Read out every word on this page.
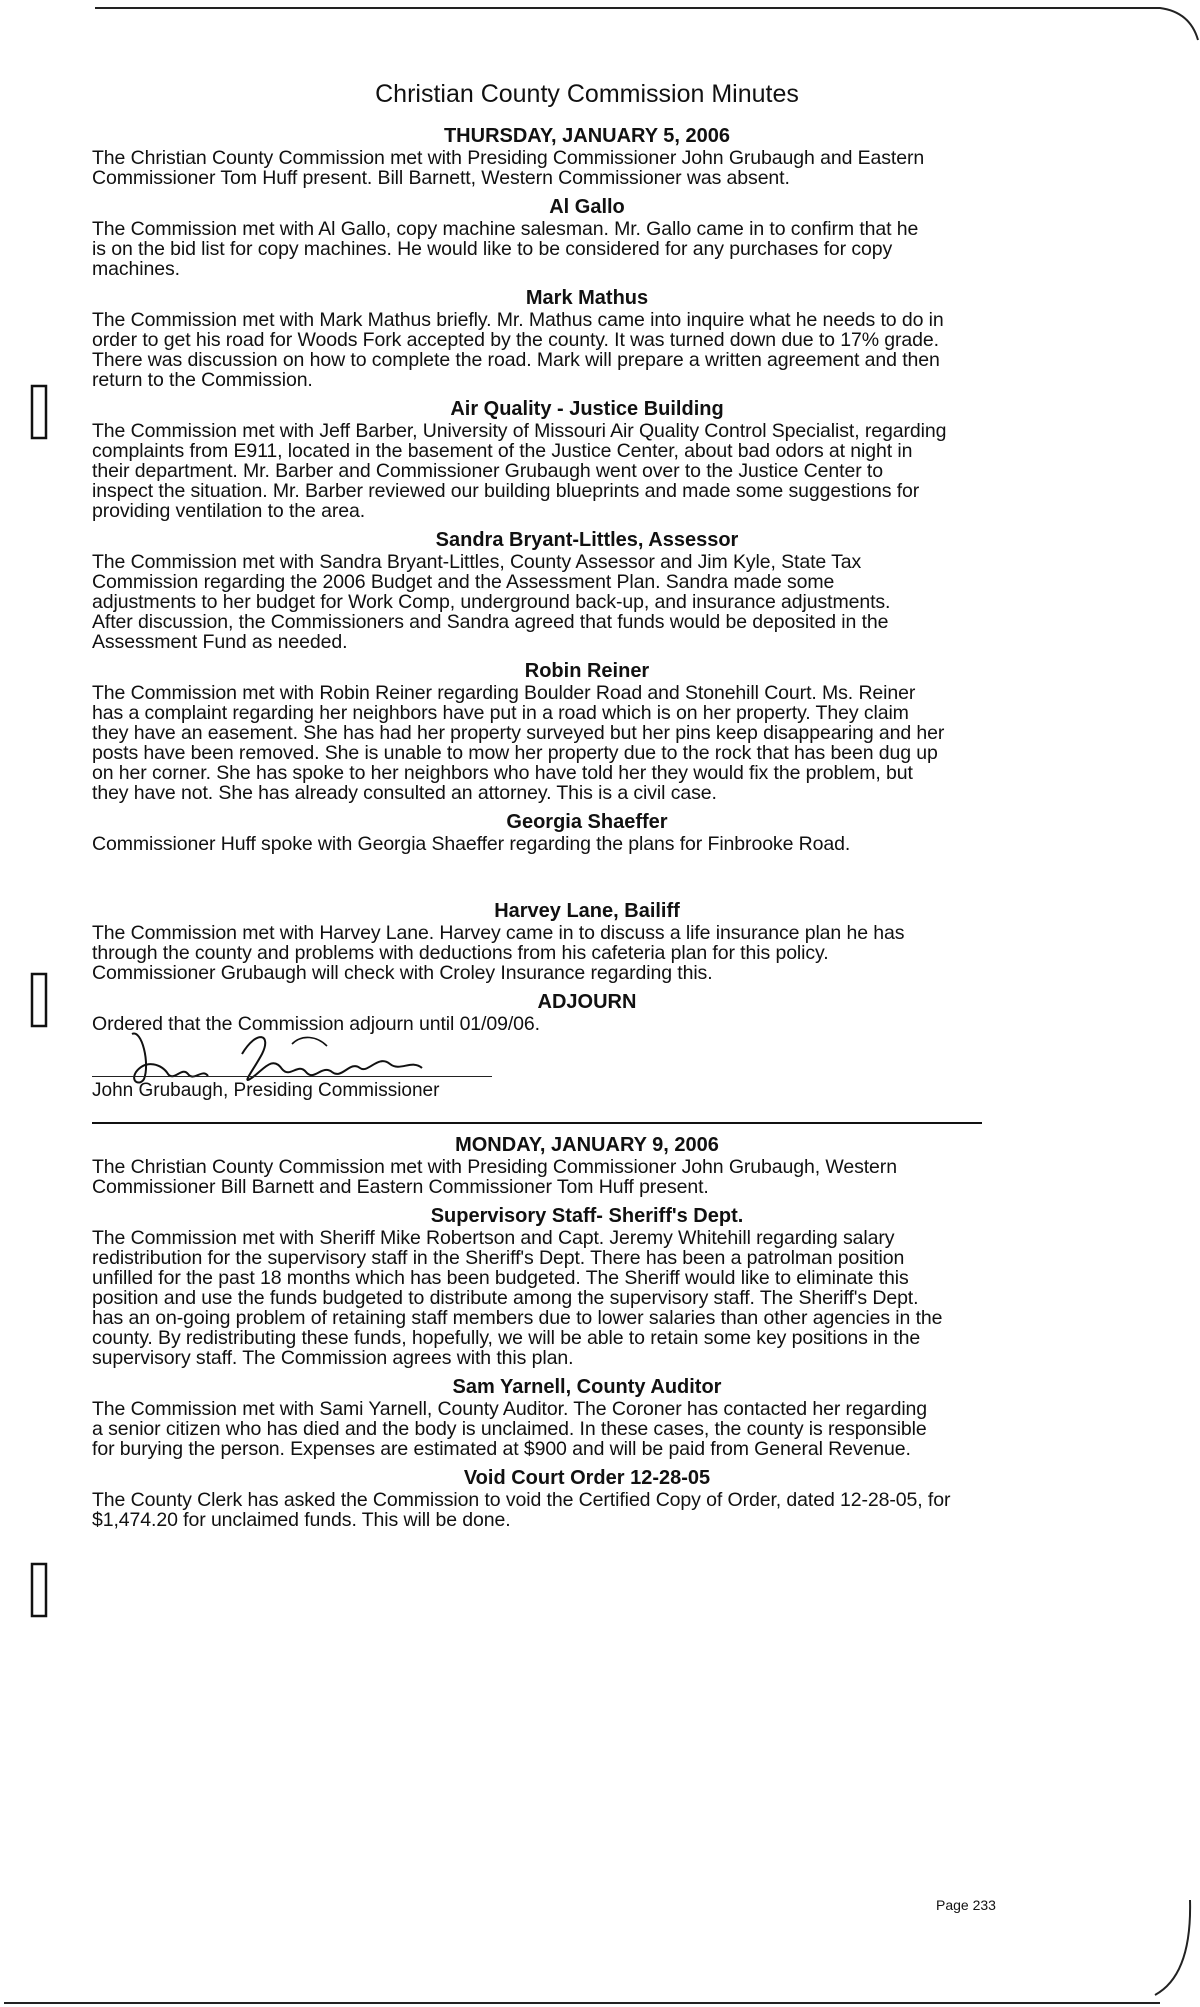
Christian County Commission Minutes
THURSDAY, JANUARY 5, 2006

The Christian County Commission met with Presiding Commissioner John Grubaugh and Eastern
Commissioner Tom Huff present. Bill Barnett, Western Commissioner was absent.

Al Gallo

The Commission met with Al Gallo, copy machine salesman. Mr. Gallo came in to confirm that he
is on the bid list for copy machines. He would like to be considered for any purchases for copy
machines.

Mark Mathus

The Commission met with Mark Mathus briefly. Mr. Mathus came into inquire what he needs to do in
order to get his road for Woods Fork accepted by the county. It was turned down due to 17% grade.
There was discussion on how to complete the road. Mark will prepare a written agreement and then
return to the Commission.

Air Quality - Justice Building

The Commission met with Jeff Barber, University of Missouri Air Quality Control Specialist, regarding
complaints from E911, located in the basement of the Justice Center, about bad odors at night in
their department. Mr. Barber and Commissioner Grubaugh went over to the Justice Center to
inspect the situation. Mr. Barber reviewed our building blueprints and made some suggestions for
providing ventilation to the area.

Sandra Bryant-Littles, Assessor

The Commission met with Sandra Bryant-Littles, County Assessor and Jim Kyle, State Tax
Commission regarding the 2006 Budget and the Assessment Plan. Sandra made some
adjustments to her budget for Work Comp, underground back-up, and insurance adjustments.
After discussion, the Commissioners and Sandra agreed that funds would be deposited in the
Assessment Fund as needed.

Robin Reiner

The Commission met with Robin Reiner regarding Boulder Road and Stonehill Court. Ms. Reiner
has a complaint regarding her neighbors have put in a road which is on her property. They claim
they have an easement. She has had her property surveyed but her pins keep disappearing and her
posts have been removed. She is unable to mow her property due to the rock that has been dug up
on her corner. She has spoke to her neighbors who have told her they would fix the problem, but
they have not. She has already consulted an attorney. This is a civil case.

Georgia Shaeffer

Commissioner Huff spoke with Georgia Shaeffer regarding the plans for Finbrooke Road.

Harvey Lane, Bailiff

The Commission met with Harvey Lane. Harvey came in to discuss a life insurance plan he has
through the county and problems with deductions from his cafeteria plan for this policy.
Commissioner Grubaugh will check with Croley Insurance regarding this.

ADJOURN

Ordered that the Commission adjourn until 01/09/06.

John Grubaugh, Presiding Commissioner
MONDAY, JANUARY 9, 2006

The Christian County Commission met with Presiding Commissioner John Grubaugh, Western
Commissioner Bill Barnett and Eastern Commissioner Tom Huff present.

Supervisory Staff- Sheriff's Dept.

The Commission met with Sheriff Mike Robertson and Capt. Jeremy Whitehill regarding salary
redistribution for the supervisory staff in the Sheriff's Dept. There has been a patrolman position
unfilled for the past 18 months which has been budgeted. The Sheriff would like to eliminate this
position and use the funds budgeted to distribute among the supervisory staff. The Sheriff's Dept.
has an on-going problem of retaining staff members due to lower salaries than other agencies in the
county. By redistributing these funds, hopefully, we will be able to retain some key positions in the
supervisory staff. The Commission agrees with this plan.

Sam Yarnell, County Auditor

The Commission met with Sami Yarnell, County Auditor. The Coroner has contacted her regarding
a senior citizen who has died and the body is unclaimed. In these cases, the county is responsible
for burying the person. Expenses are estimated at $900 and will be paid from General Revenue.

Void Court Order 12-28-05

The County Clerk has asked the Commission to void the Certified Copy of Order, dated 12-28-05, for
$1,474.20 for unclaimed funds. This will be done.

Page 233
